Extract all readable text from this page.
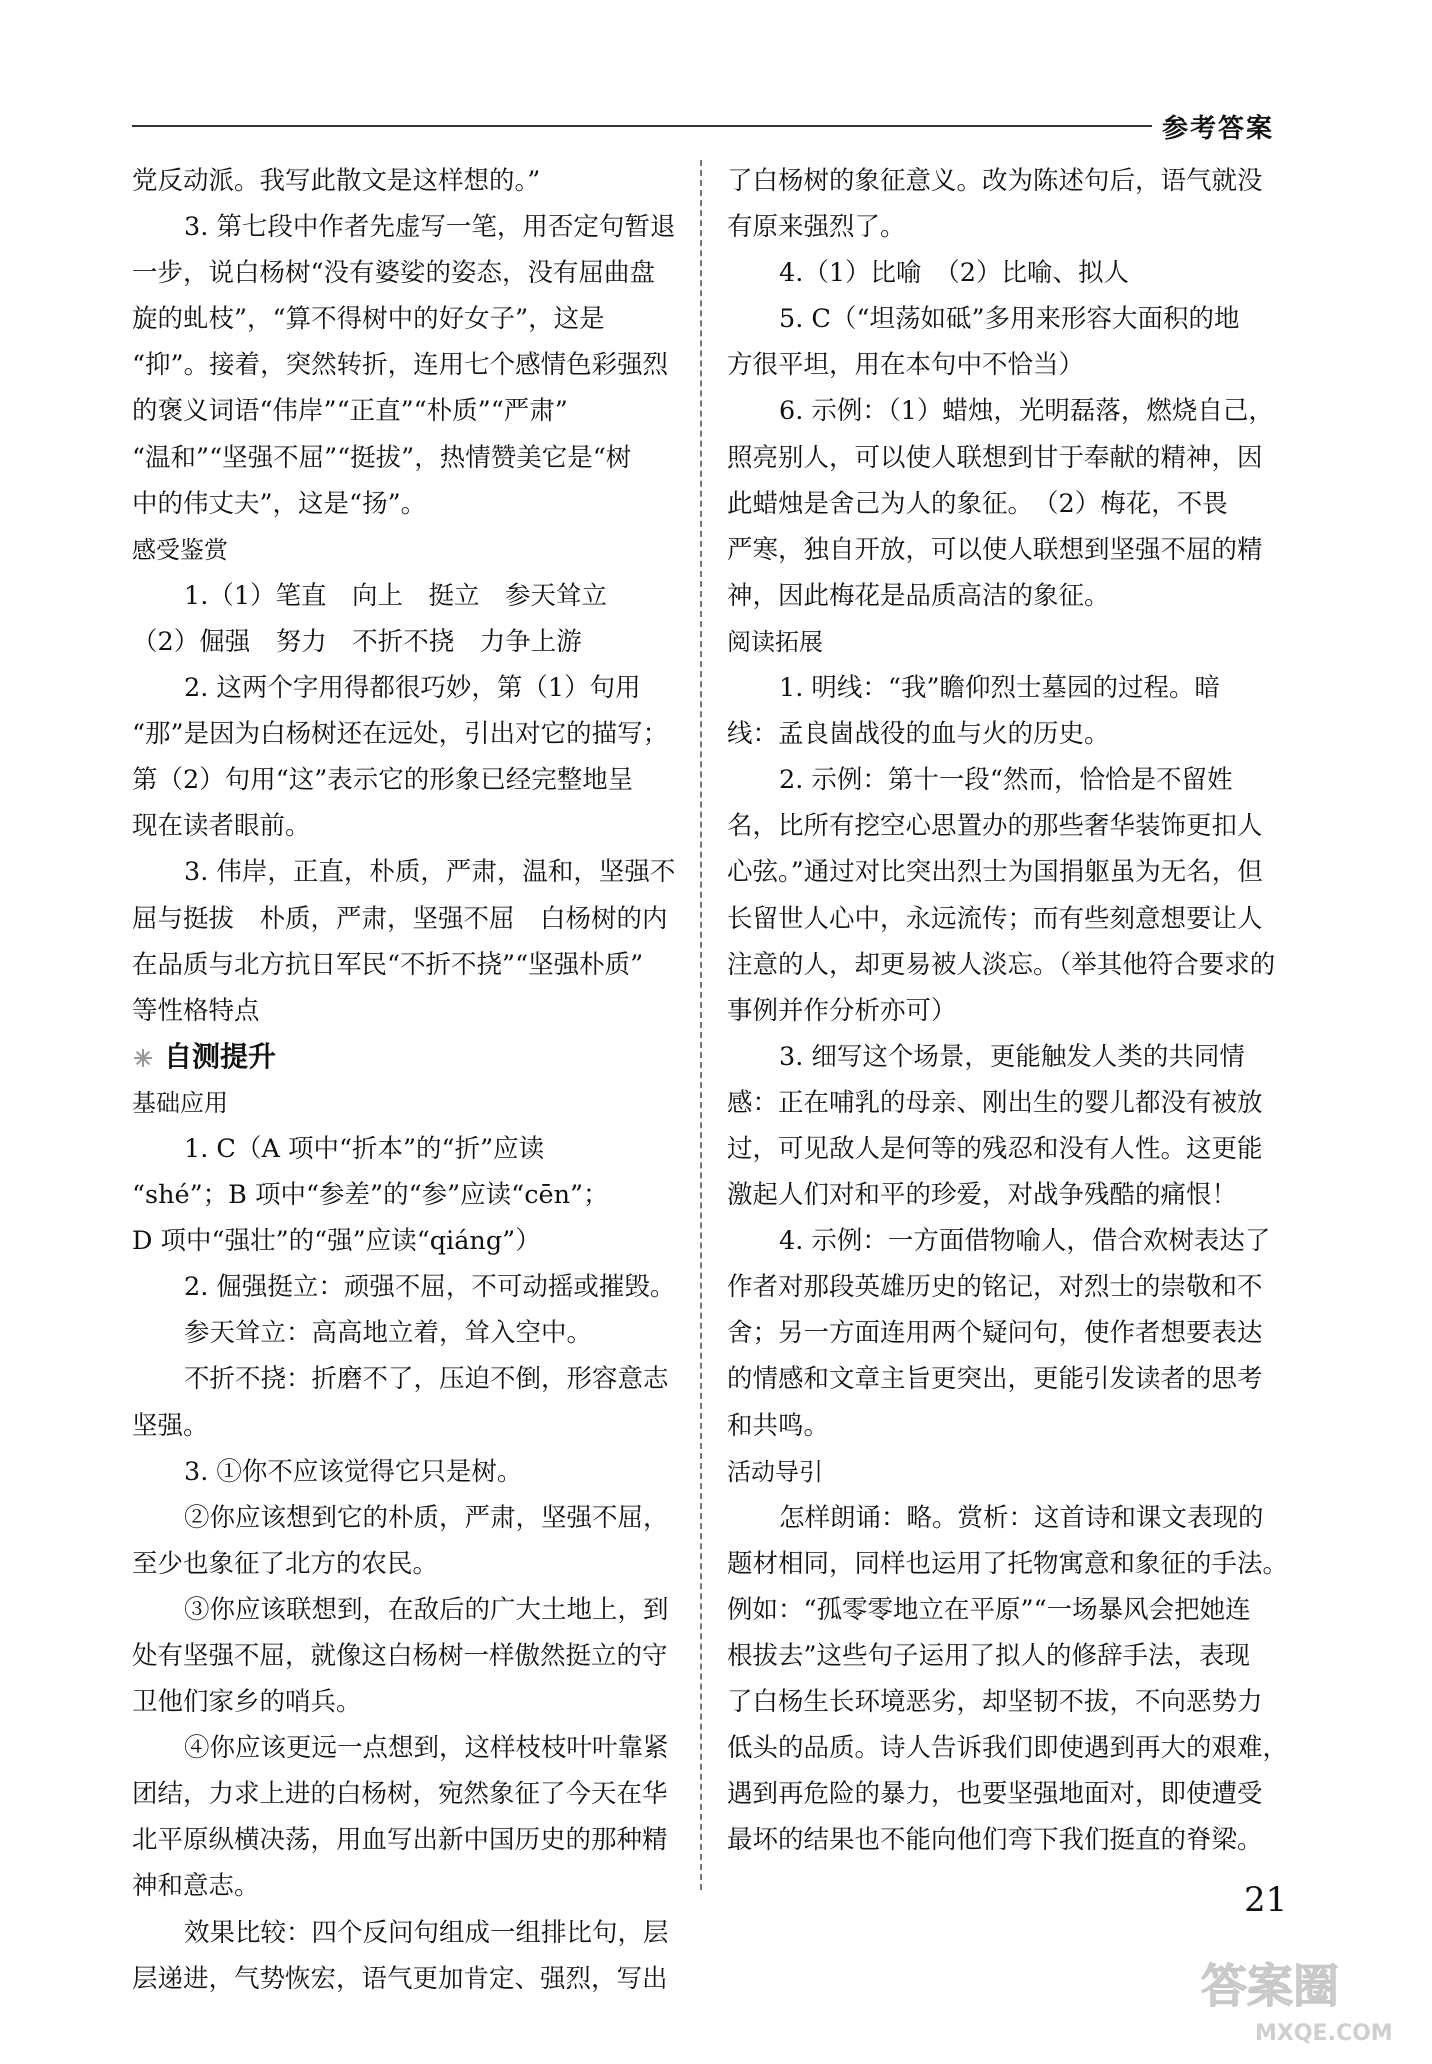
参考答案
党反动派。我写此散文是这样想的。”
3. 第七段中作者先虚写一笔，用否定句暂退
一步，说白杨树“没有婆娑的姿态，没有屈曲盘
旋的虬枝”，“算不得树中的好女子”，这是
“抑”。接着，突然转折，连用七个感情色彩强烈
的褒义词语“伟岸”“正直”“朴质”“严肃”
“温和”“坚强不屈”“挺拔”，热情赞美它是“树
中的伟丈夫”，这是“扬”。
感受鉴赏
1.（1）笔直　向上　挺立　参天耸立
（2）倔强　努力　不折不挠　力争上游
2. 这两个字用得都很巧妙，第（1）句用
“那”是因为白杨树还在远处，引出对它的描写；
第（2）句用“这”表示它的形象已经完整地呈
现在读者眼前。
3. 伟岸，正直，朴质，严肃，温和，坚强不
屈与挺拔　朴质，严肃，坚强不屈　白杨树的内
在品质与北方抗日军民“不折不挠”“坚强朴质”
等性格特点
自测提升
基础应用
1. C（A 项中“折本”的“折”应读
“shé”；B 项中“参差”的“参”应读“cēn”；
D 项中“强壮”的“强”应读“qiáng”）
2. 倔强挺立：顽强不屈，不可动摇或摧毁。
参天耸立：高高地立着，耸入空中。
不折不挠：折磨不了，压迫不倒，形容意志
坚强。
3. ①你不应该觉得它只是树。
②你应该想到它的朴质，严肃，坚强不屈，
至少也象征了北方的农民。
③你应该联想到，在敌后的广大土地上，到
处有坚强不屈，就像这白杨树一样傲然挺立的守
卫他们家乡的哨兵。
④你应该更远一点想到，这样枝枝叶叶靠紧
团结，力求上进的白杨树，宛然象征了今天在华
北平原纵横决荡，用血写出新中国历史的那种精
神和意志。
效果比较：四个反问句组成一组排比句，层
层递进，气势恢宏，语气更加肯定、强烈，写出
了白杨树的象征意义。改为陈述句后，语气就没
有原来强烈了。
4.（1）比喻　（2）比喻、拟人
5. C（“坦荡如砥”多用来形容大面积的地
方很平坦，用在本句中不恰当）
6. 示例：（1）蜡烛，光明磊落，燃烧自己，
照亮别人，可以使人联想到甘于奉献的精神，因
此蜡烛是舍己为人的象征。　（2）梅花，不畏
严寒，独自开放，可以使人联想到坚强不屈的精
神，因此梅花是品质高洁的象征。
阅读拓展
1. 明线：“我”瞻仰烈士墓园的过程。暗
线：孟良崮战役的血与火的历史。
2. 示例：第十一段“然而，恰恰是不留姓
名，比所有挖空心思置办的那些奢华装饰更扣人
心弦。”通过对比突出烈士为国捐躯虽为无名，但
长留世人心中，永远流传；而有些刻意想要让人
注意的人，却更易被人淡忘。（举其他符合要求的
事例并作分析亦可）
3. 细写这个场景，更能触发人类的共同情
感：正在哺乳的母亲、刚出生的婴儿都没有被放
过，可见敌人是何等的残忍和没有人性。这更能
激起人们对和平的珍爱，对战争残酷的痛恨！
4. 示例：一方面借物喻人，借合欢树表达了
作者对那段英雄历史的铭记，对烈士的崇敬和不
舍；另一方面连用两个疑问句，使作者想要表达
的情感和文章主旨更突出，更能引发读者的思考
和共鸣。
活动导引
怎样朗诵：略。赏析：这首诗和课文表现的
题材相同，同样也运用了托物寓意和象征的手法。
例如：“孤零零地立在平原”“一场暴风会把她连
根拔去”这些句子运用了拟人的修辞手法，表现
了白杨生长环境恶劣，却坚韧不拔，不向恶势力
低头的品质。诗人告诉我们即使遇到再大的艰难，
遇到再危险的暴力，也要坚强地面对，即使遭受
最坏的结果也不能向他们弯下我们挺直的脊梁。
21
答案圈
MXQE.COM
